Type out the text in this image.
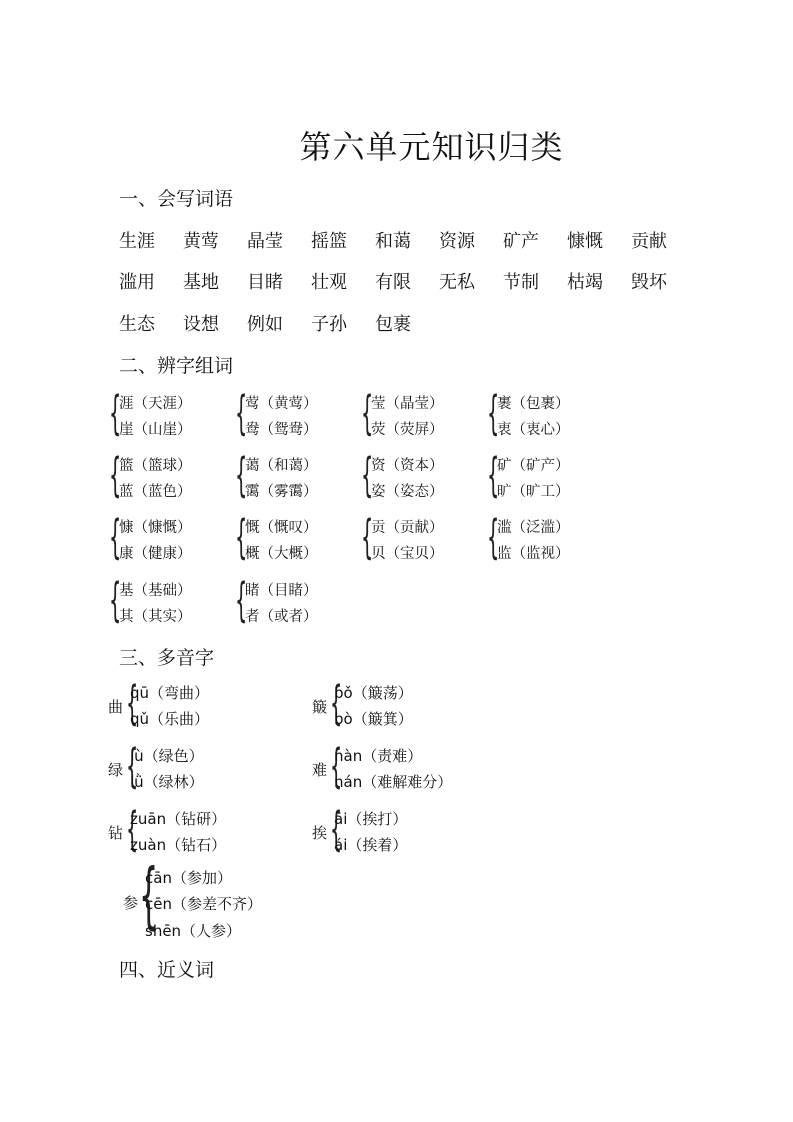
第六单元知识归类
一、会写词语
生涯 黄莺 晶莹 摇篮 和蔼 资源 矿产 慷慨 贡献
滥用 基地 目睹 壮观 有限 无私 节制 枯竭 毁坏
生态 设想 例如 子孙 包裹
二、辨字组词
{
涯（天涯）
崖（山崖） {
莺（黄莺）
鸯（鸳鸯） {
莹（晶莹）
荧（荧屏） {
裹（包裹）
衷（衷心）
{
篮（篮球）
蓝（蓝色） {
蔼（和蔼）
霭（雾霭） {
资（资本）
姿（姿态） {
矿（矿产）
旷（旷工）
{
慷（慷慨）
康（健康） {
慨（慨叹）
概（大概） {
贡（贡献）
贝（宝贝） {
滥（泛滥）
监（监视）
{
基（基础）
其（其实） {
睹（目睹）
者（或者）
三、多音字
曲 {
qū（弯曲）
qǔ（乐曲）
簸 {
bǒ（簸荡）
bò（簸箕）
绿 {
lù（绿色）
lǜ（绿林）
难 {
nàn（责难）
nán（难解难分）
钻 {
zuān（钻研）
zuàn（钻石）
挨 {
āi（挨打）
ái（挨着）
参 {
cān（参加）
cēn（参差不齐）
shēn（人参）
四、近义词
